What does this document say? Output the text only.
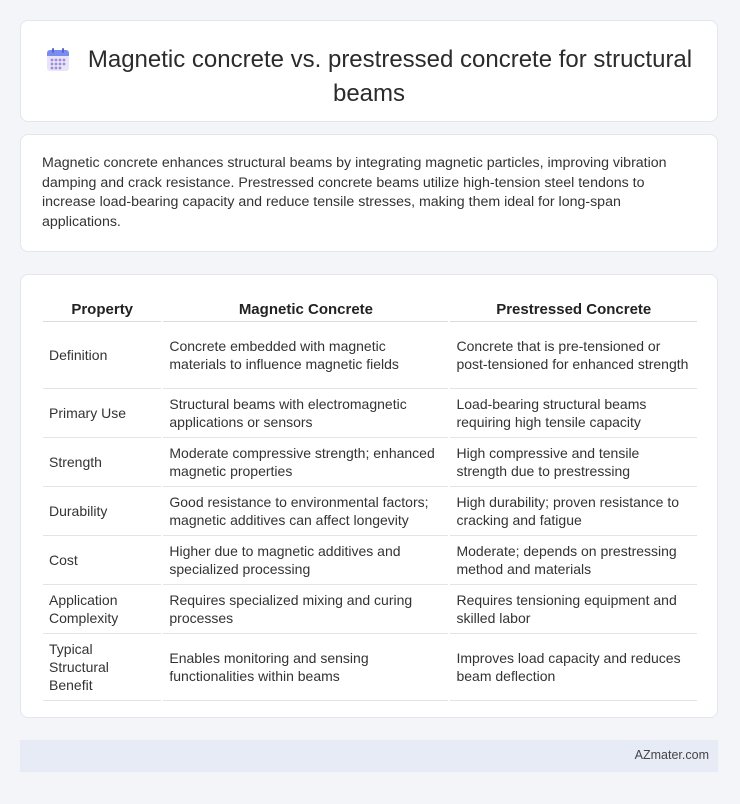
Magnetic concrete vs. prestressed concrete for structural beams
Magnetic concrete enhances structural beams by integrating magnetic particles, improving vibration damping and crack resistance. Prestressed concrete beams utilize high-tension steel tendons to increase load-bearing capacity and reduce tensile stresses, making them ideal for long-span applications.
Property	Magnetic Concrete	Prestressed Concrete
Definition	Concrete embedded with magnetic materials to influence magnetic fields	Concrete that is pre-tensioned or post-tensioned for enhanced strength
Primary Use	Structural beams with electromagnetic applications or sensors	Load-bearing structural beams requiring high tensile capacity
Strength	Moderate compressive strength; enhanced magnetic properties	High compressive and tensile strength due to prestressing
Durability	Good resistance to environmental factors; magnetic additives can affect longevity	High durability; proven resistance to cracking and fatigue
Cost	Higher due to magnetic additives and specialized processing	Moderate; depends on prestressing method and materials
Application Complexity	Requires specialized mixing and curing processes	Requires tensioning equipment and skilled labor
Typical Structural Benefit	Enables monitoring and sensing functionalities within beams	Improves load capacity and reduces beam deflection
AZmater.com
